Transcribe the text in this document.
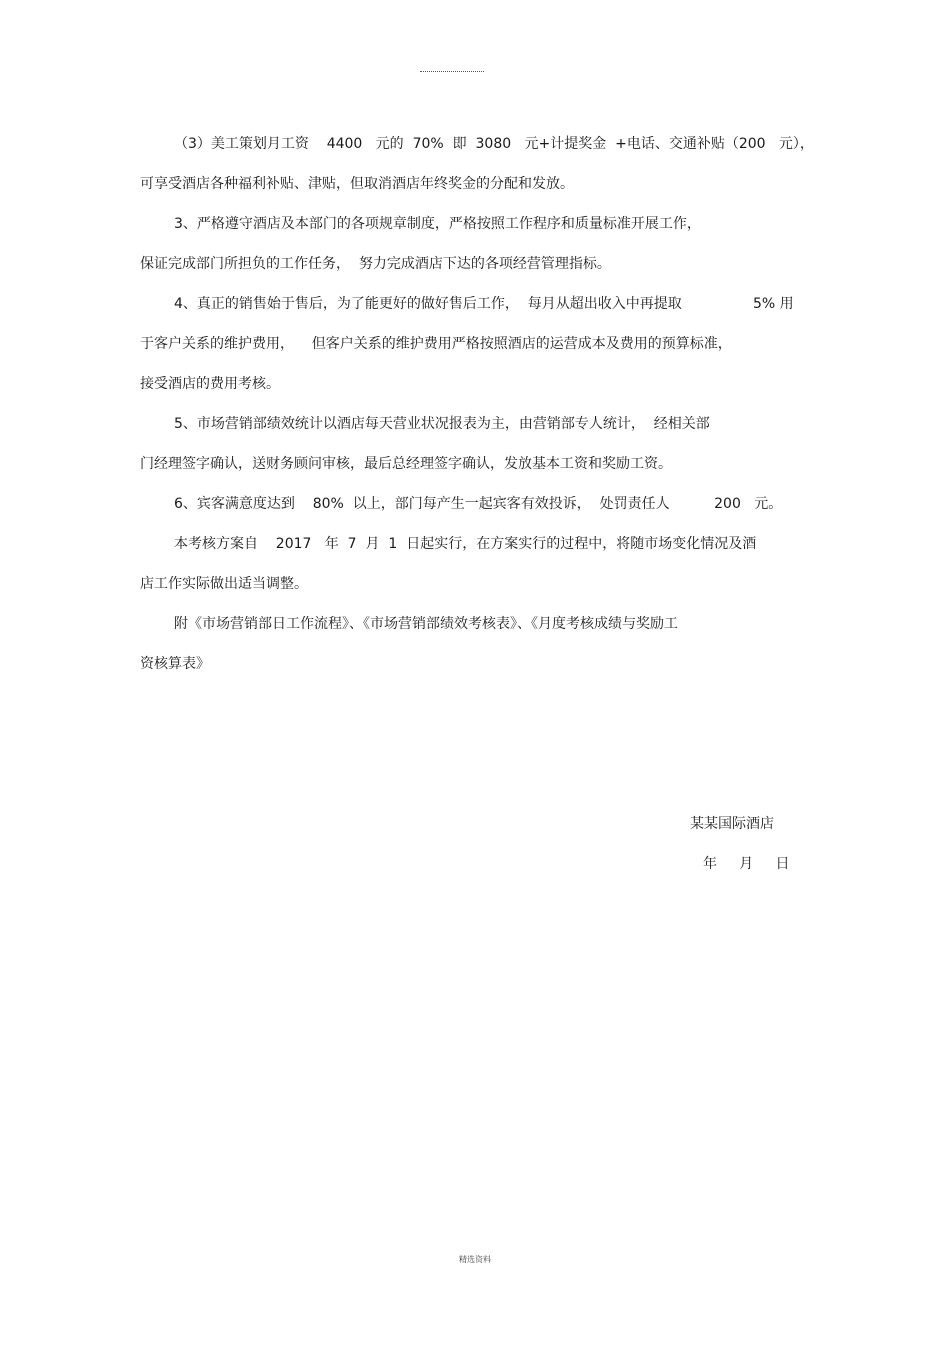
（3）美工策划月工资    4400   元的  70%  即  3080   元+计提奖金  +电话、交通补贴（200   元），
可享受酒店各种福利补贴、津贴，但取消酒店年终奖金的分配和发放。
3、严格遵守酒店及本部门的各项规章制度，严格按照工作程序和质量标准开展工作，
保证完成部门所担负的工作任务，  努力完成酒店下达的各项经营管理指标。
4、真正的销售始于售后，为了能更好的做好售后工作，  每月从超出收入中再提取                5% 用
于客户关系的维护费用，    但客户关系的维护费用严格按照酒店的运营成本及费用的预算标准，
接受酒店的费用考核。
5、市场营销部绩效统计以酒店每天营业状况报表为主，由营销部专人统计，  经相关部
门经理签字确认，送财务顾问审核，最后总经理签字确认，发放基本工资和奖励工资。
6、宾客满意度达到    80%  以上，部门每产生一起宾客有效投诉，  处罚责任人          200   元。
本考核方案自    2017   年  7  月  1  日起实行，在方案实行的过程中，将随市场变化情况及酒
店工作实际做出适当调整。
附《市场营销部日工作流程》、《市场营销部绩效考核表》、《月度考核成绩与奖励工
资核算表》
某某国际酒店
年     月     日
精选资料
